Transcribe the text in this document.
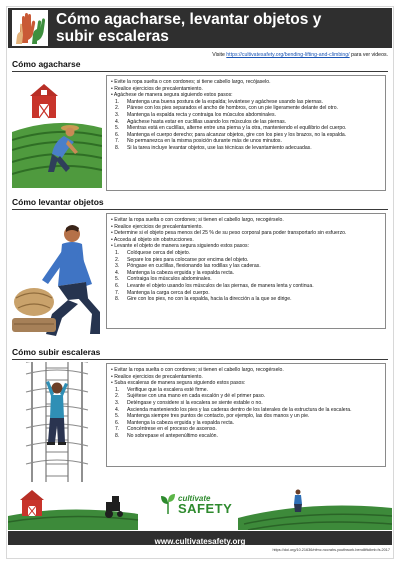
Cómo agacharse, levantar objetos y
subir escaleras
Visite https://cultivatesafety.org/bending-lifting-and-climbing/ para ver videos.
Cómo agacharse
• Evite la ropa suelta o con cordones; si tiene cabello largo, recójaselo.
• Realice ejercicios de precalentamiento.
• Agáchese de manera segura siguiendo estos pasos:
1. Mantenga una buena postura de la espalda; levántese y agáchese usando las piernas.
2. Párese con los pies separados el ancho de hombros, con un pie ligeramente delante del otro.
3. Mantenga la espalda recta y contraiga los músculos abdominales.
4. Agáchese hasta estar en cuclillas usando los músculos de las piernas.
5. Mientras está en cuclillas, alterne entre una pierna y la otra, manteniendo el equilibrio del cuerpo.
6. Mantenga el cuerpo derecho; para alcanzar objetos, gire con los pies y los brazos, no la espalda.
7. No permanezca en la misma posición durante más de unos minutos.
8. Si la tarea incluye levantar objetos, use las técnicas de levantamiento adecuadas.
Cómo levantar objetos
• Evitar la ropa suelta o con cordones; si tienen el cabello largo, recogérselo.
• Realice ejercicios de precalentamiento.
• Determine si el objeto pesa menos del 25 % de su peso corporal para poder transportarlo sin esfuerzo.
• Acceda al objeto sin obstrucciones.
• Levante el objeto de manera segura siguiendo estos pasos:
1. Colóquese cerca del objeto.
2. Separe los pies para colocarse por encima del objeto.
3. Póngase en cuclillas, flexionando las rodillas y las caderas.
4. Mantenga la cabeza erguida y la espalda recta.
5. Contraiga los músculos abdominales.
6. Levante el objeto usando los músculos de las piernas, de manera lenta y continua.
7. Mantenga la carga cerca del cuerpo.
8. Gire con los pies, no con la espalda, hacia la dirección a la que se dirige.
Cómo subir escaleras
• Evitar la ropa suelta o con cordones; si tienen el cabello largo, recogérselo.
• Realice ejercicios de precalentamiento.
• Suba escaleras de manera segura siguiendo estos pasos:
1. Verifique que la escalera esté firme.
2. Sujétese con una mano en cada escalón y dé el primer paso.
3. Deténgase y considere si la escalera se siente estable o no.
4. Ascienda manteniendo los pies y las caderas dentro de los laterales de la estructura de la escalera.
5. Mantenga siempre tres puntos de contacto, por ejemplo, las dos manos y un pie.
6. Mantenga la cabeza erguida y la espalda recta.
7. Concéntrese en el proceso de ascenso.
8. No sobrepase el antepenúltimo escalón.
cultivate
SAFETY
www.cultivatesafety.org
https://doi.org/10.21636/nfmc.nccrahs.youthwork.bendliftclimb.fs.2017
